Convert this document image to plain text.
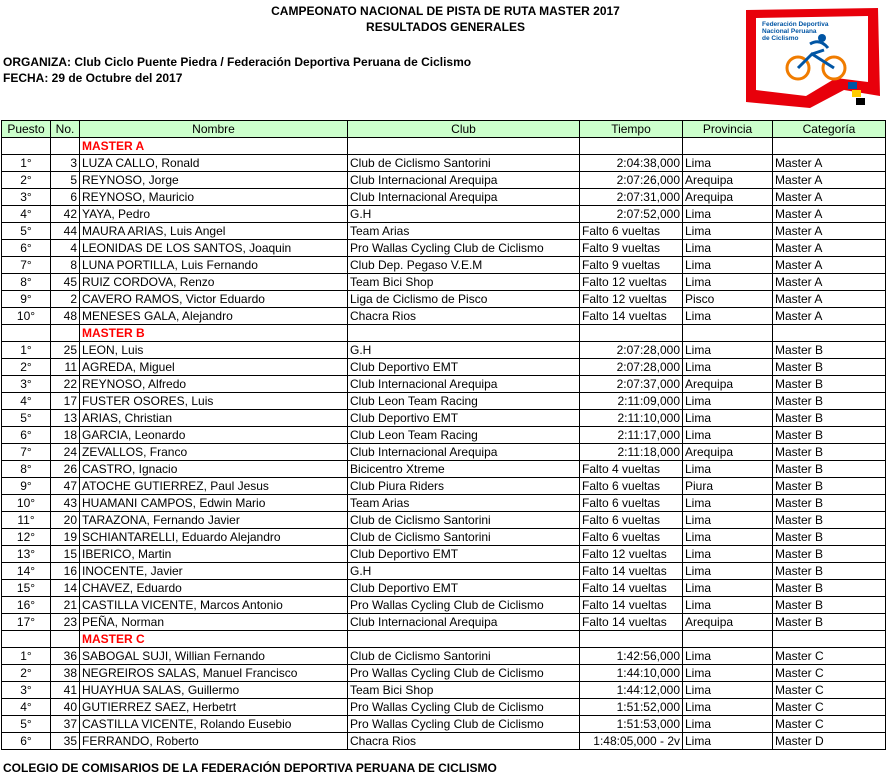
CAMPEONATO NACIONAL DE PISTA DE RUTA MASTER 2017
RESULTADOS GENERALES
ORGANIZA: Club Ciclo Puente Piedra / Federación Deportiva Peruana de Ciclismo
FECHA: 29 de Octubre del 2017
Federación Deportiva
Nacional Peruana
de Ciclismo
Puesto	No.	Nombre	Club	Tiempo	Provincia	Categoría
		MASTER A				
1°	3	LUZA CALLO, Ronald	Club de Ciclismo Santorini	2:04:38,000	Lima	Master A
2°	5	REYNOSO, Jorge	Club Internacional Arequipa	2:07:26,000	Arequipa	Master A
3°	6	REYNOSO, Mauricio	Club Internacional Arequipa	2:07:31,000	Arequipa	Master A
4°	42	YAYA, Pedro	G.H	2:07:52,000	Lima	Master A
5°	44	MAURA ARIAS, Luis Angel	Team Arias	Falto 6 vueltas	Lima	Master A
6°	4	LEONIDAS DE LOS SANTOS, Joaquin	Pro Wallas Cycling Club de Ciclismo	Falto 9 vueltas	Lima	Master A
7°	8	LUNA PORTILLA, Luis Fernando	Club Dep. Pegaso V.E.M	Falto 9 vueltas	Lima	Master A
8°	45	RUIZ CORDOVA, Renzo	Team Bici Shop	Falto 12 vueltas	Lima	Master A
9°	2	CAVERO RAMOS, Victor Eduardo	Liga de Ciclismo de Pisco	Falto 12 vueltas	Pisco	Master A
10°	48	MENESES GALA, Alejandro	Chacra Rios	Falto 14 vueltas	Lima	Master A
		MASTER B				
1°	25	LEON, Luis	G.H	2:07:28,000	Lima	Master B
2°	11	AGREDA, Miguel	Club Deportivo EMT	2:07:28,000	Lima	Master B
3°	22	REYNOSO, Alfredo	Club Internacional Arequipa	2:07:37,000	Arequipa	Master B
4°	17	FUSTER OSORES, Luis	Club Leon Team Racing	2:11:09,000	Lima	Master B
5°	13	ARIAS, Christian	Club Deportivo EMT	2:11:10,000	Lima	Master B
6°	18	GARCIA, Leonardo	Club Leon Team Racing	2:11:17,000	Lima	Master B
7°	24	ZEVALLOS, Franco	Club Internacional Arequipa	2:11:18,000	Arequipa	Master B
8°	26	CASTRO, Ignacio	Bicicentro Xtreme	Falto 4 vueltas	Lima	Master B
9°	47	ATOCHE GUTIERREZ, Paul Jesus	Club Piura Riders	Falto 6 vueltas	Piura	Master B
10°	43	HUAMANI CAMPOS, Edwin Mario	Team Arias	Falto 6 vueltas	Lima	Master B
11°	20	TARAZONA, Fernando Javier	Club de Ciclismo Santorini	Falto 6 vueltas	Lima	Master B
12°	19	SCHIANTARELLI, Eduardo Alejandro	Club de Ciclismo Santorini	Falto 6 vueltas	Lima	Master B
13°	15	IBERICO, Martin	Club Deportivo EMT	Falto 12 vueltas	Lima	Master B
14°	16	INOCENTE, Javier	G.H	Falto 14 vueltas	Lima	Master B
15°	14	CHAVEZ, Eduardo	Club Deportivo EMT	Falto 14 vueltas	Lima	Master B
16°	21	CASTILLA VICENTE, Marcos Antonio	Pro Wallas Cycling Club de Ciclismo	Falto 14 vueltas	Lima	Master B
17°	23	PEÑA, Norman	Club Internacional Arequipa	Falto 14 vueltas	Arequipa	Master B
		MASTER C				
1°	36	SABOGAL SUJI, Willian Fernando	Club de Ciclismo Santorini	1:42:56,000	Lima	Master C
2°	38	NEGREIROS SALAS, Manuel Francisco	Pro Wallas Cycling Club de Ciclismo	1:44:10,000	Lima	Master C
3°	41	HUAYHUA SALAS, Guillermo	Team Bici Shop	1:44:12,000	Lima	Master C
4°	40	GUTIERREZ SAEZ, Herbetrt	Pro Wallas Cycling Club de Ciclismo	1:51:52,000	Lima	Master C
5°	37	CASTILLA VICENTE, Rolando Eusebio	Pro Wallas Cycling Club de Ciclismo	1:51:53,000	Lima	Master C
6°	35	FERRANDO, Roberto	Chacra Rios	1:48:05,000 - 2v	Lima	Master D
COLEGIO DE COMISARIOS DE LA FEDERACIÓN DEPORTIVA PERUANA DE CICLISMO
